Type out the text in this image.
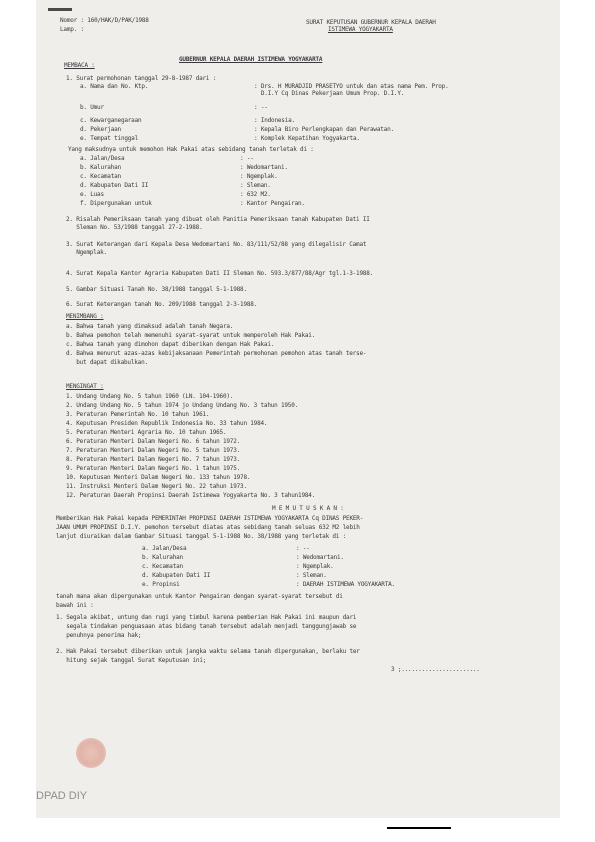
Nomor : 160/HAK/D/PAK/1988
Lamp. :
SURAT KEPUTUSAN GUBERNUR KEPALA DAERAH
ISTIMEWA YOGYAKARTA
GUBERNUR KEPALA DAERAH ISTIMEWA YOGYAKARTA
MEMBACA :
1. Surat permohonan tanggal 29-8-1987 dari :
a. Nama dan No. Ktp.	: Drs. H MURADJID PRASETYO untuk dan atas nama Pem. Prop.
D.I.Y Cq Dinas Pekerjaan Umum Prop. D.I.Y.
b. Umur	: --
c. Kewarganegaraan	: Indonesia.
d. Pekerjaan	: Kepala Biro Perlengkapan dan Perawatan.
e. Tempat tinggal	: Komplek Kepatihan Yogyakarta.
Yang maksudnya untuk memohon Hak Pakai atas sebidang tanah terletak di :
a. Jalan/Desa	: --
b. Kalurahan	: Wedomartani.
c. Kecamatan	: Ngemplak.
d. Kabupaten Dati II	: Sleman.
e. Luas	: 632 M2.
f. Dipergunakan untuk	: Kantor Pengairan.
2. Risalah Pemeriksaan tanah yang dibuat oleh Panitia Pemeriksaan tanah Kabupaten Dati II
Sleman No. 53/1988 tanggal 27-2-1988.
3. Surat Keterangan dari Kepala Desa Wedomartani No. 83/111/52/88 yang dilegalisir Camat
Ngemplak.
4. Surat Kepala Kantor Agraria Kabupaten Dati II Sleman No. 593.3/877/88/Agr tgl.1-3-1988.
5. Gambar Situasi Tanah No. 38/1988 tanggal 5-1-1988.
6. Surat Keterangan tanah No. 209/1988 tanggal 2-3-1988.
MENIMBANG :
a. Bahwa tanah yang dimaksud adalah tanah Negara.
b. Bahwa pemohon telah memenuhi syarat-syarat untuk memperoleh Hak Pakai.
c. Bahwa tanah yang dimohon dapat diberikan dengan Hak Pakai.
d. Bahwa menurut azas-azas kebijaksanaan Pemerintah permohonan pemohon atas tanah terse-
but dapat dikabulkan.
MENGINGAT :
1. Undang Undang No. 5 tahun 1960 (LN. 104-1960).
2. Undang Undang No. 5 tahun 1974 jo Undang Undang No. 3 tahun 1950.
3. Peraturan Pemerintah No. 10 tahun 1961.
4. Keputusan Presiden Republik Indonesia No. 33 tahun 1984.
5. Peraturan Menteri Agraria No. 10 tahun 1965.
6. Peraturan Menteri Dalam Negeri No. 6 tahun 1972.
7. Peraturan Menteri Dalam Negeri No. 5 tahun 1973.
8. Peraturan Menteri Dalam Negeri No. 7 tahun 1973.
9. Peraturan Menteri Dalam Negeri No. 1 tahun 1975.
10. Keputusan Menteri Dalam Negeri No. 133 tahun 1978.
11. Instruksi Menteri Dalam Negeri No. 22 tahun 1973.
12. Peraturan Daerah Propinsi Daerah Istimewa Yogyakarta No. 3 tahun1984.
M E M U T U S K A N :
Memberikan Hak Pakai kepada PEMERINTAH PROPINSI DAERAH ISTIMEWA YOGYAKARTA Cq DINAS PEKER-
JAAN UMUM PROPINSI D.I.Y. pemohon tersebut diatas atas sebidang tanah seluas 632 M2 lebih
lanjut diuraikan dalam Gambar Situasi tanggal 5-1-1988 No. 38/1988 yang terletak di :
a. Jalan/Desa	: --
b. Kalurahan	: Wedomartani.
c. Kecamatan	: Ngemplak.
d. Kabupaten Dati II	: Sleman.
e. Propinsi	: DAERAH ISTIMEWA YOGYAKARTA.
tanah mana akan dipergunakan untuk Kantor Pengairan dengan syarat-syarat tersebut di
bawah ini :
1. Segala akibat, untung dan rugi yang timbul karena pemberian Hak Pakai ini maupun dari
segala tindakan penguasaan atas bidang tanah tersebut adalah menjadi tanggungjawab se
penuhnya penerima hak;
2. Hak Pakai tersebut diberikan untuk jangka waktu selama tanah dipergunakan, berlaku ter
hitung sejak tanggal Surat Keputusan ini;
3 ;.......................
DPAD DIY
